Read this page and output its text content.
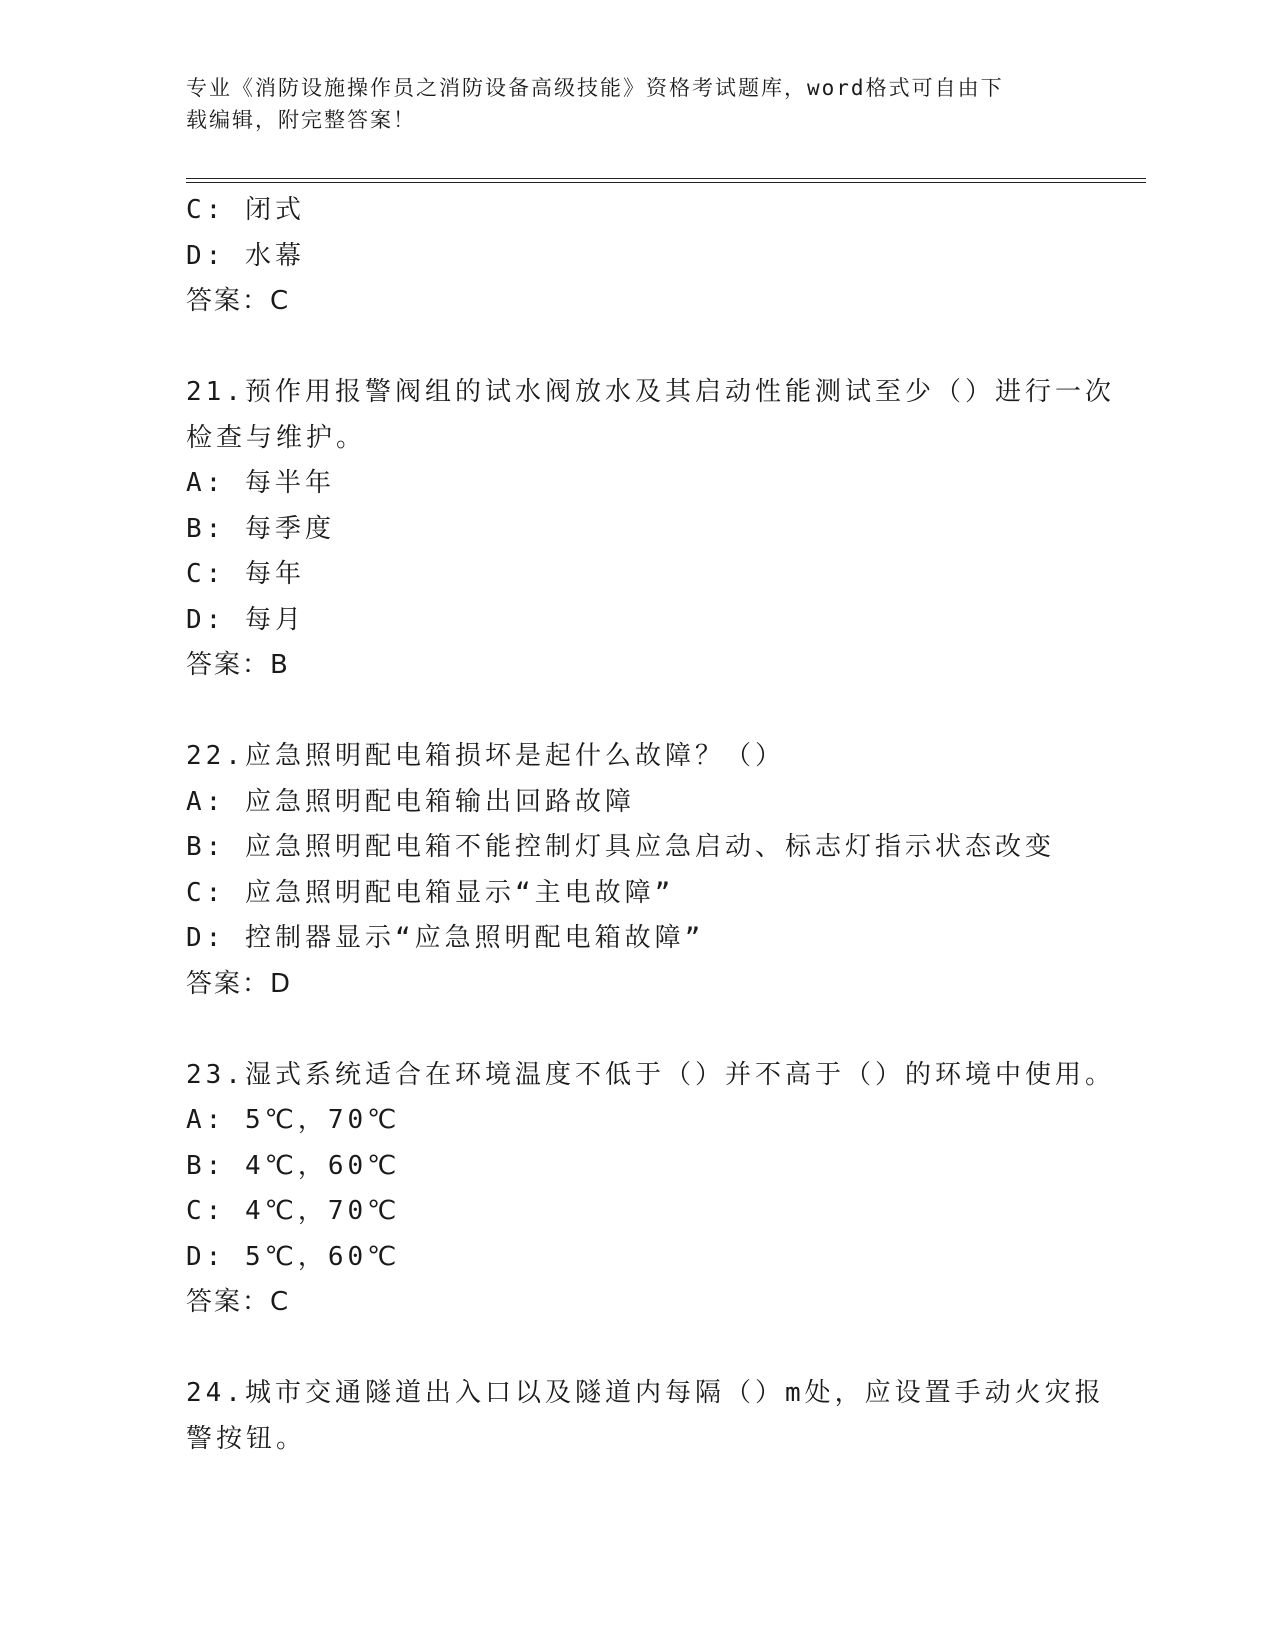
专业《消防设施操作员之消防设备高级技能》资格考试题库，word格式可自由下
载编辑，附完整答案！
C: 闭式
D: 水幕
答案：C
21.预作用报警阀组的试水阀放水及其启动性能测试至少（）进行一次
检查与维护。
A: 每半年
B: 每季度
C: 每年
D: 每月
答案：B
22.应急照明配电箱损坏是起什么故障？（）
A: 应急照明配电箱输出回路故障
B: 应急照明配电箱不能控制灯具应急启动、标志灯指示状态改变
C: 应急照明配电箱显示“主电故障”
D: 控制器显示“应急照明配电箱故障”
答案：D
23.湿式系统适合在环境温度不低于（）并不高于（）的环境中使用。
A: 5℃，70℃
B: 4℃，60℃
C: 4℃，70℃
D: 5℃，60℃
答案：C
24.城市交通隧道出入口以及隧道内每隔（）m处，应设置手动火灾报
警按钮。
